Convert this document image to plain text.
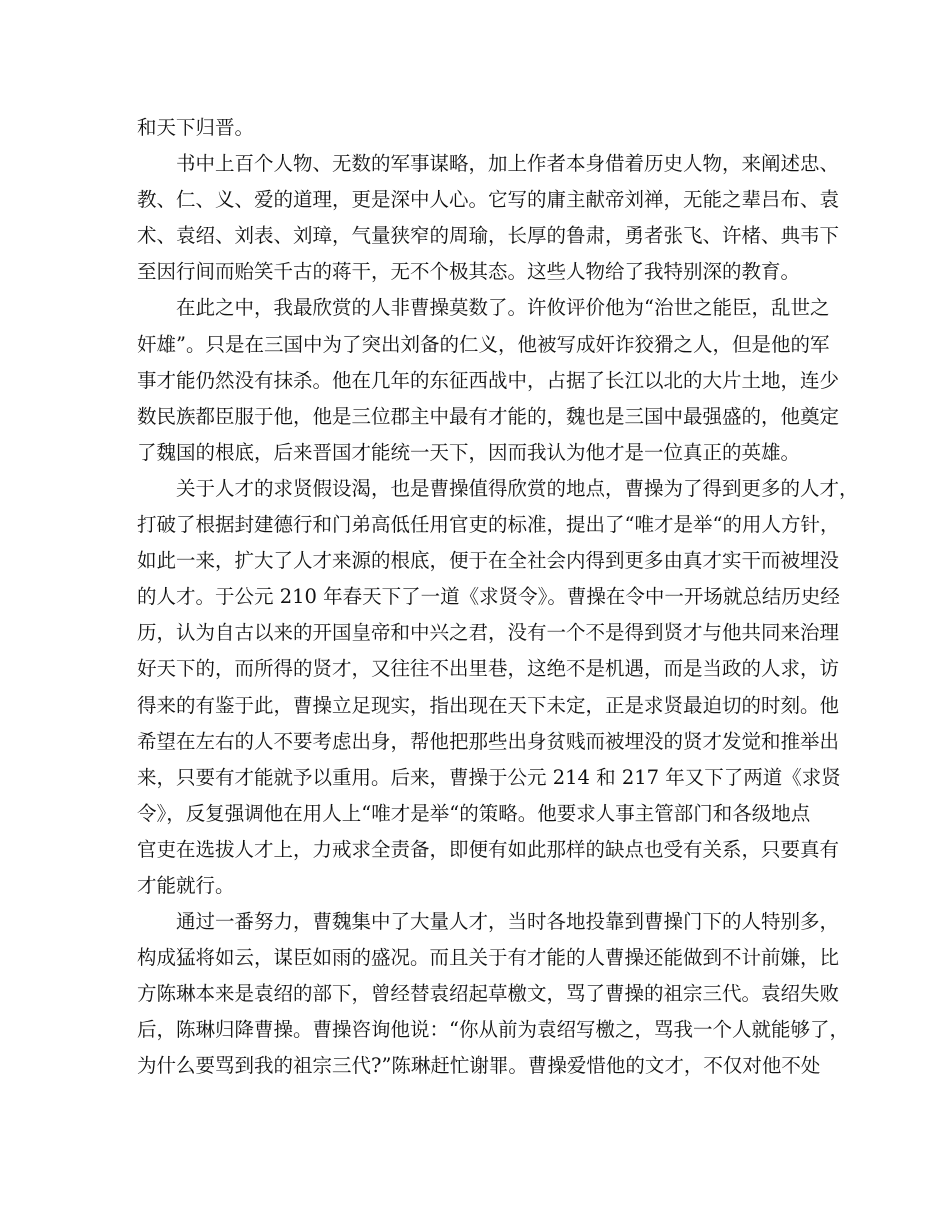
和天下归晋。
书中上百个人物、无数的军事谋略，加上作者本身借着历史人物，来阐述忠、
教、仁、义、爱的道理，更是深中人心。它写的庸主献帝刘禅，无能之辈吕布、袁
术、袁绍、刘表、刘璋，气量狭窄的周瑜，长厚的鲁肃，勇者张飞、许楮、典韦下
至因行间而贻笑千古的蒋干，无不个极其态。这些人物给了我特别深的教育。
在此之中，我最欣赏的人非曹操莫数了。许攸评价他为“治世之能臣，乱世之
奸雄”。只是在三国中为了突出刘备的仁义，他被写成奸诈狡猾之人，但是他的军
事才能仍然没有抹杀。他在几年的东征西战中，占据了长江以北的大片土地，连少
数民族都臣服于他，他是三位郡主中最有才能的，魏也是三国中最强盛的，他奠定
了魏国的根底，后来晋国才能统一天下，因而我认为他才是一位真正的英雄。
关于人才的求贤假设渴，也是曹操值得欣赏的地点，曹操为了得到更多的人才，
打破了根据封建德行和门弟高低任用官吏的标准，提出了“唯才是举“的用人方针，
如此一来，扩大了人才来源的根底，便于在全社会内得到更多由真才实干而被埋没
的人才。于公元 210 年春天下了一道《求贤令》。曹操在令中一开场就总结历史经
历，认为自古以来的开国皇帝和中兴之君，没有一个不是得到贤才与他共同来治理
好天下的，而所得的贤才，又往往不出里巷，这绝不是机遇，而是当政的人求，访
得来的有鉴于此，曹操立足现实，指出现在天下未定，正是求贤最迫切的时刻。他
希望在左右的人不要考虑出身，帮他把那些出身贫贱而被埋没的贤才发觉和推举出
来，只要有才能就予以重用。后来，曹操于公元 214 和 217 年又下了两道《求贤
令》，反复强调他在用人上“唯才是举“的策略。他要求人事主管部门和各级地点
官吏在选拔人才上，力戒求全责备，即便有如此那样的缺点也受有关系，只要真有
才能就行。
通过一番努力，曹魏集中了大量人才，当时各地投靠到曹操门下的人特别多，
构成猛将如云，谋臣如雨的盛况。而且关于有才能的人曹操还能做到不计前嫌，比
方陈琳本来是袁绍的部下，曾经替袁绍起草檄文，骂了曹操的祖宗三代。袁绍失败
后，陈琳归降曹操。曹操咨询他说：“你从前为袁绍写檄之，骂我一个人就能够了，
为什么要骂到我的祖宗三代?”陈琳赶忙谢罪。曹操爱惜他的文才，不仅对他不处
